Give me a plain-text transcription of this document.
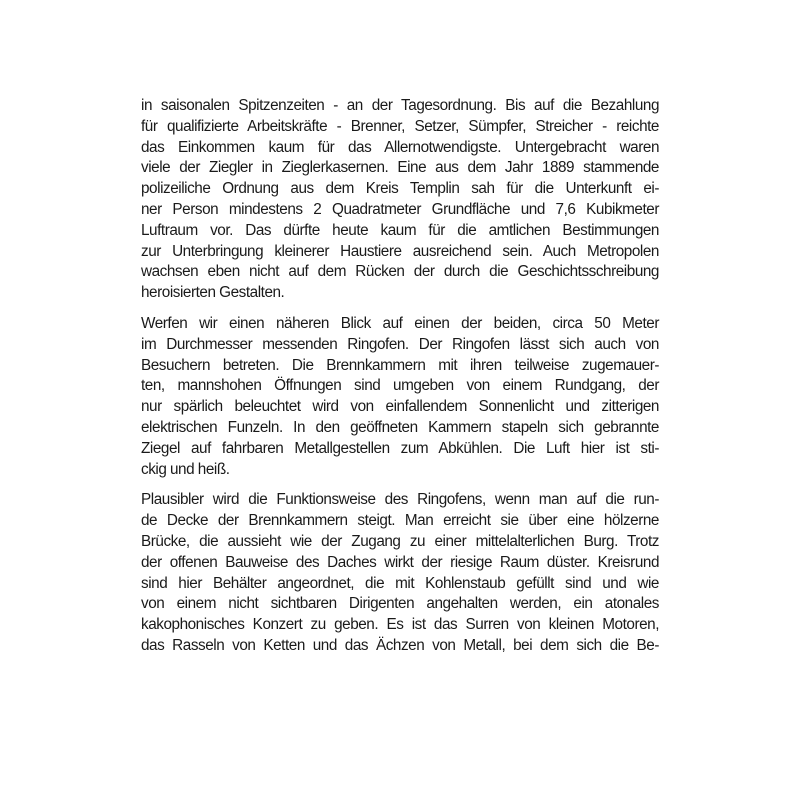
in saisonalen Spitzenzeiten - an der Tagesordnung. Bis auf die Bezahlung
für qualifizierte Arbeitskräfte - Brenner, Setzer, Sümpfer, Streicher - reichte
das Einkommen kaum für das Allernotwendigste. Untergebracht waren
viele der Ziegler in Zieglerkasernen. Eine aus dem Jahr 1889 stammende
polizeiliche Ordnung aus dem Kreis Templin sah für die Unterkunft ei-
ner Person mindestens 2 Quadratmeter Grundfläche und 7,6 Kubikmeter
Luftraum vor. Das dürfte heute kaum für die amtlichen Bestimmungen
zur Unterbringung kleinerer Haustiere ausreichend sein. Auch Metropolen
wachsen eben nicht auf dem Rücken der durch die Geschichtsschreibung
heroisierten Gestalten.
Werfen wir einen näheren Blick auf einen der beiden, circa 50 Meter
im Durchmesser messenden Ringofen. Der Ringofen lässt sich auch von
Besuchern betreten. Die Brennkammern mit ihren teilweise zugemauer-
ten, mannshohen Öffnungen sind umgeben von einem Rundgang, der
nur spärlich beleuchtet wird von einfallendem Sonnenlicht und zitterigen
elektrischen Funzeln. In den geöffneten Kammern stapeln sich gebrannte
Ziegel auf fahrbaren Metallgestellen zum Abkühlen. Die Luft hier ist sti-
ckig und heiß.
Plausibler wird die Funktionsweise des Ringofens, wenn man auf die run-
de Decke der Brennkammern steigt. Man erreicht sie über eine hölzerne
Brücke, die aussieht wie der Zugang zu einer mittelalterlichen Burg. Trotz
der offenen Bauweise des Daches wirkt der riesige Raum düster. Kreisrund
sind hier Behälter angeordnet, die mit Kohlenstaub gefüllt sind und wie
von einem nicht sichtbaren Dirigenten angehalten werden, ein atonales
kakophonisches Konzert zu geben. Es ist das Surren von kleinen Motoren,
das Rasseln von Ketten und das Ächzen von Metall, bei dem sich die Be-
